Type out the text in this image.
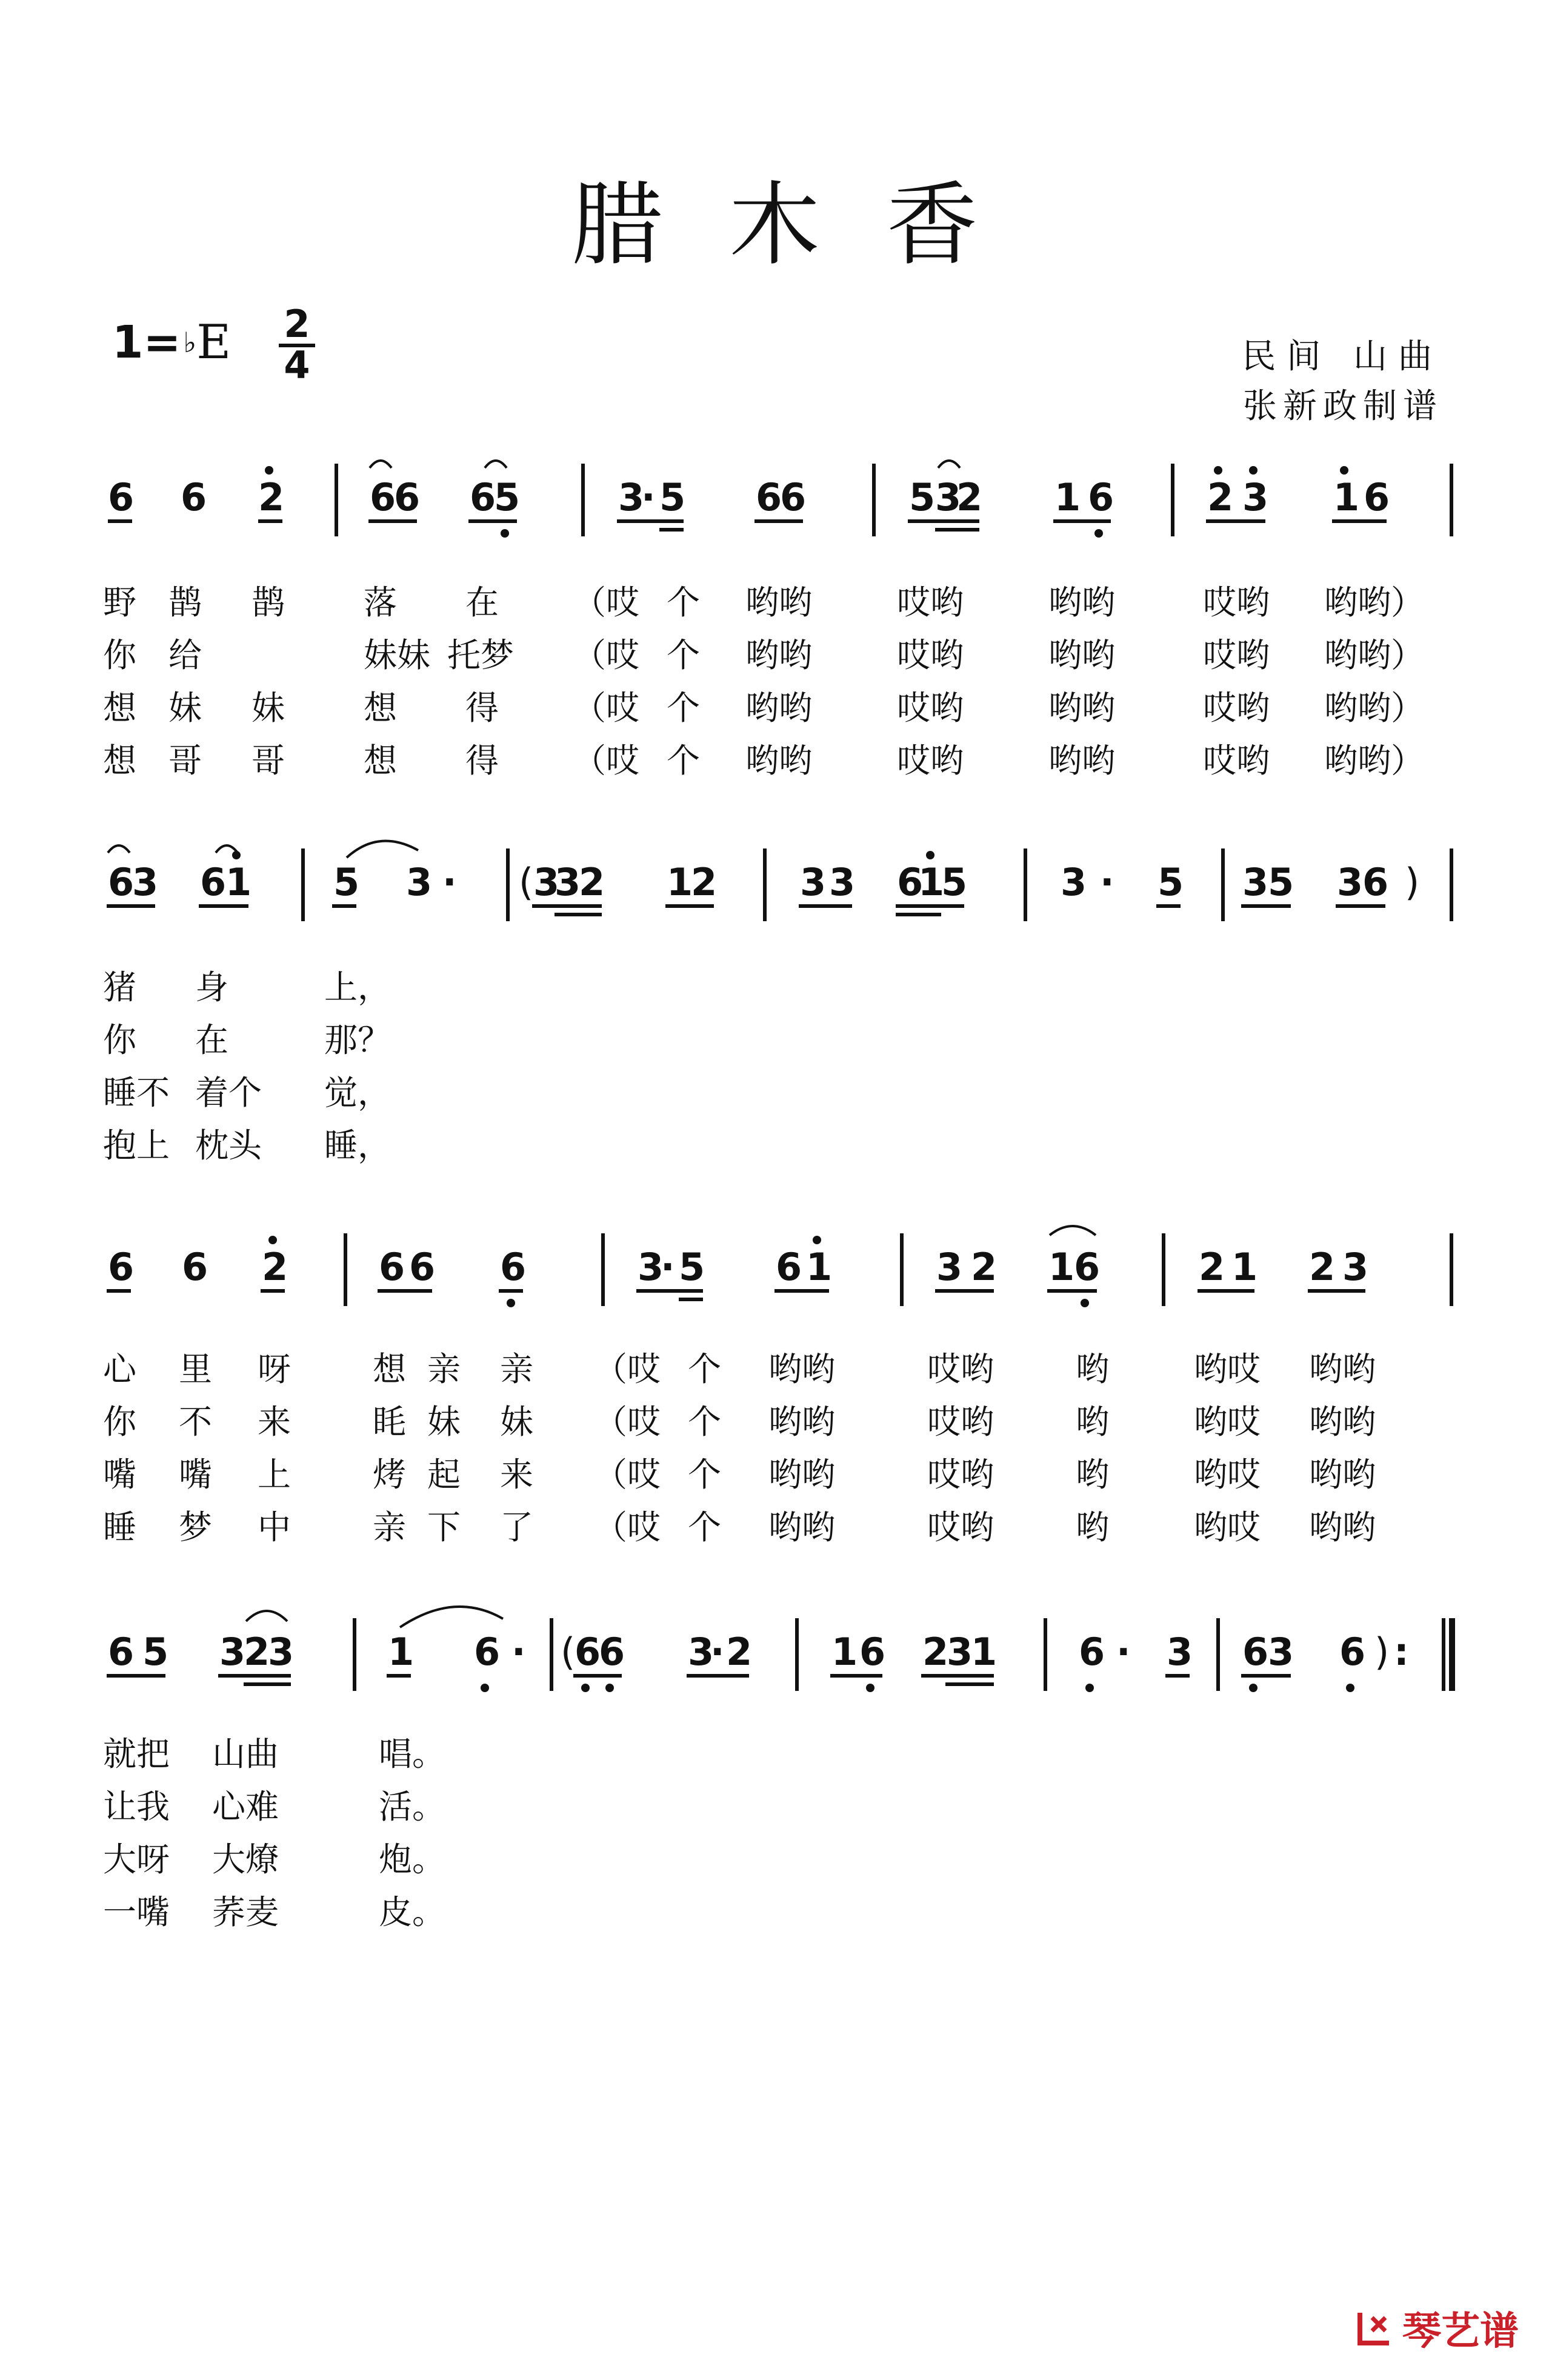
腊木香
1= ♭ E $\frac{2}{4}$	民间 山曲
张新政制谱
6 6 2 6
6 6
5	3
· 5 6
6	5 3
2 1 6 2 3 1 6
野 鹊 鹊 落 在 （哎 个 哟哟	哎哟	哟哟	哎哟 哟哟）
你 给	妹妹 托梦 （哎 个 哟哟	哎哟	哟哟	哎哟 哟哟）
想 妹 妹 想 得 （哎 个 哟哟	哎哟	哟哟	哎哟 哟哟）
想 哥 哥 想 得 （哎 个 哟哟	哎哟	哟哟	哎哟 哟哟）
6
3 6
1 5 3 · ( 3
3
2 1
2 3 3 6
1
5 3 · 5 3
5 3
6 )
猪 身	上，
你 在	那？
睡不 着个 觉，
抱上 枕头 睡，
6 6 2 6 6 6	3
· 5 6 1	3 2 1
6	2 1 2 3
心 里 呀 想 亲 亲 （哎 个 哟哟	哎哟 哟	哟哎 哟哟
你 不 来 眊 妹 妹 （哎 个 哟哟	哎哟 哟	哟哎 哟哟
嘴 嘴 上 烤 起 来 （哎 个 哟哟	哎哟 哟	哟哎 哟哟
睡 梦 中 亲 下 了 （哎 个 哟哟	哎哟 哟	哟哎 哟哟
6 5 3
2
3 1 6 · (
6
6 3
· 2 1 6 2
3
1 6 · 3 6
3 6 ) :
就把 山曲	唱。
让我 心难	活。
大呀 大燎	炮。
一嘴 荞麦	皮。
琴艺谱
